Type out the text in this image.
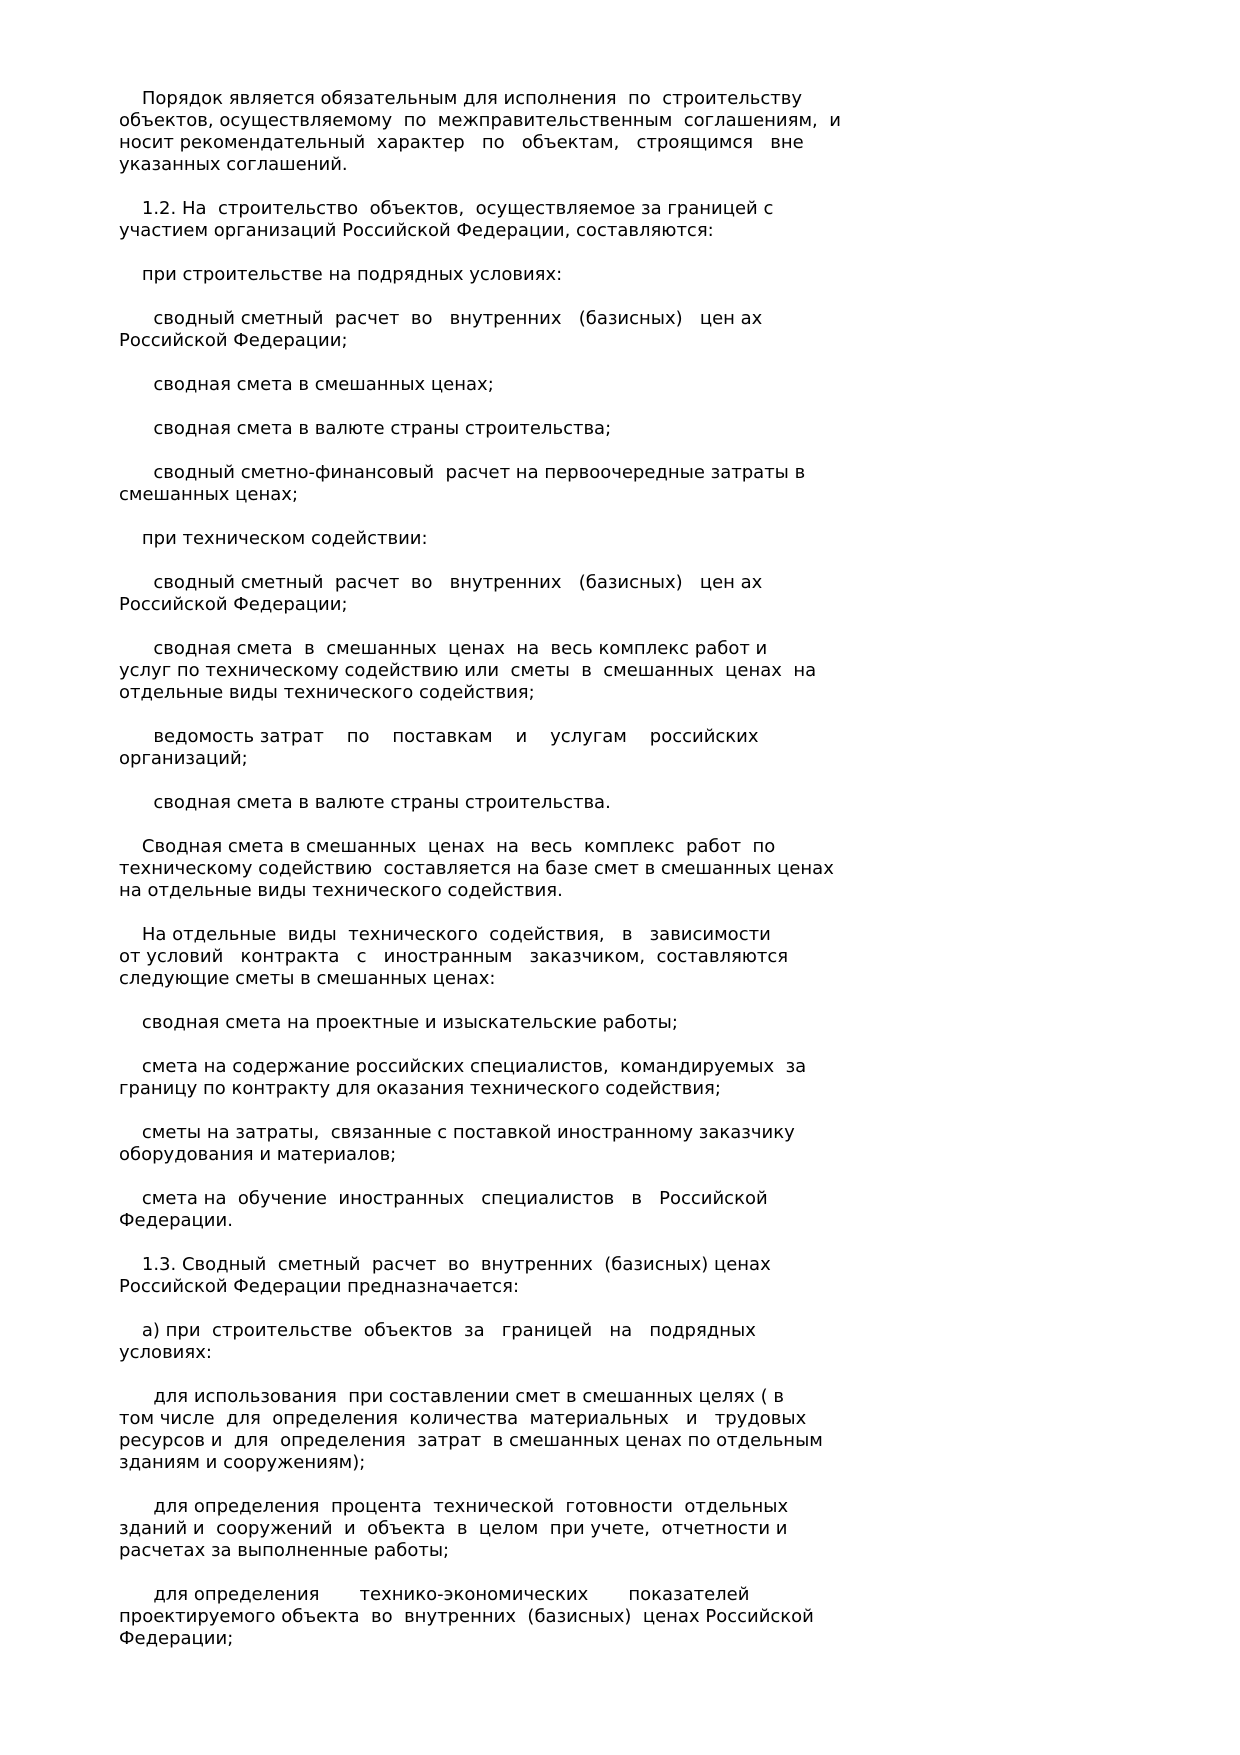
Порядок является обязательным для исполнения  по  строительству
объектов, осуществляемому  по  межправительственным  соглашениям,  и
носит рекомендательный  характер   по   объектам,   строящимся   вне
указанных соглашений.
1.2. На  строительство  объектов,  осуществляемое за границей с
участием организаций Российской Федерации, составляются:
при строительстве на подрядных условиях:
сводный сметный  расчет  во   внутренних   (базисных)   цен ах
Российской Федерации;
сводная смета в смешанных ценах;
сводная смета в валюте страны строительства;
сводный сметно-финансовый  расчет на первоочередные затраты в
смешанных ценах;
при техническом содействии:
сводный сметный  расчет  во   внутренних   (базисных)   цен ах
Российской Федерации;
сводная смета  в  смешанных  ценах  на  весь комплекс работ и
услуг по техническому содействию или  сметы  в  смешанных  ценах  на
отдельные виды технического содействия;
ведомость затрат    по    поставкам    и    услугам    российских
организаций;
сводная смета в валюте страны строительства.
Сводная смета в смешанных  ценах  на  весь  комплекс  работ  по
техническому содействию  составляется на базе смет в смешанных ценах
на отдельные виды технического содействия.
На отдельные  виды  технического  содействия,   в   зависимости
от условий   контракта   с   иностранным   заказчиком,  составляются
следующие сметы в смешанных ценах:
сводная смета на проектные и изыскательские работы;
смета на содержание российских специалистов,  командируемых  за
границу по контракту для оказания технического содействия;
сметы на затраты,  связанные с поставкой иностранному заказчику
оборудования и материалов;
смета на  обучение  иностранных   специалистов   в   Российской
Федерации.
1.3. Сводный  сметный  расчет  во  внутренних  (базисных) ценах
Российской Федерации предназначается:
а) при  строительстве  объектов  за   границей   на   подрядных
условиях:
для использования  при составлении смет в смешанных целях ( в
том числе  для  определения  количества  материальных   и   трудовых
ресурсов и  для  определения  затрат  в смешанных ценах по отдельным
зданиям и сооружениям);
для определения  процента  технической  готовности  отдельных
зданий и  сооружений  и  объекта  в  целом  при учете,  отчетности и
расчетах за выполненные работы;
для определения       технико-экономических       показателей
проектируемого объекта  во  внутренних  (базисных)  ценах Российской
Федерации;
